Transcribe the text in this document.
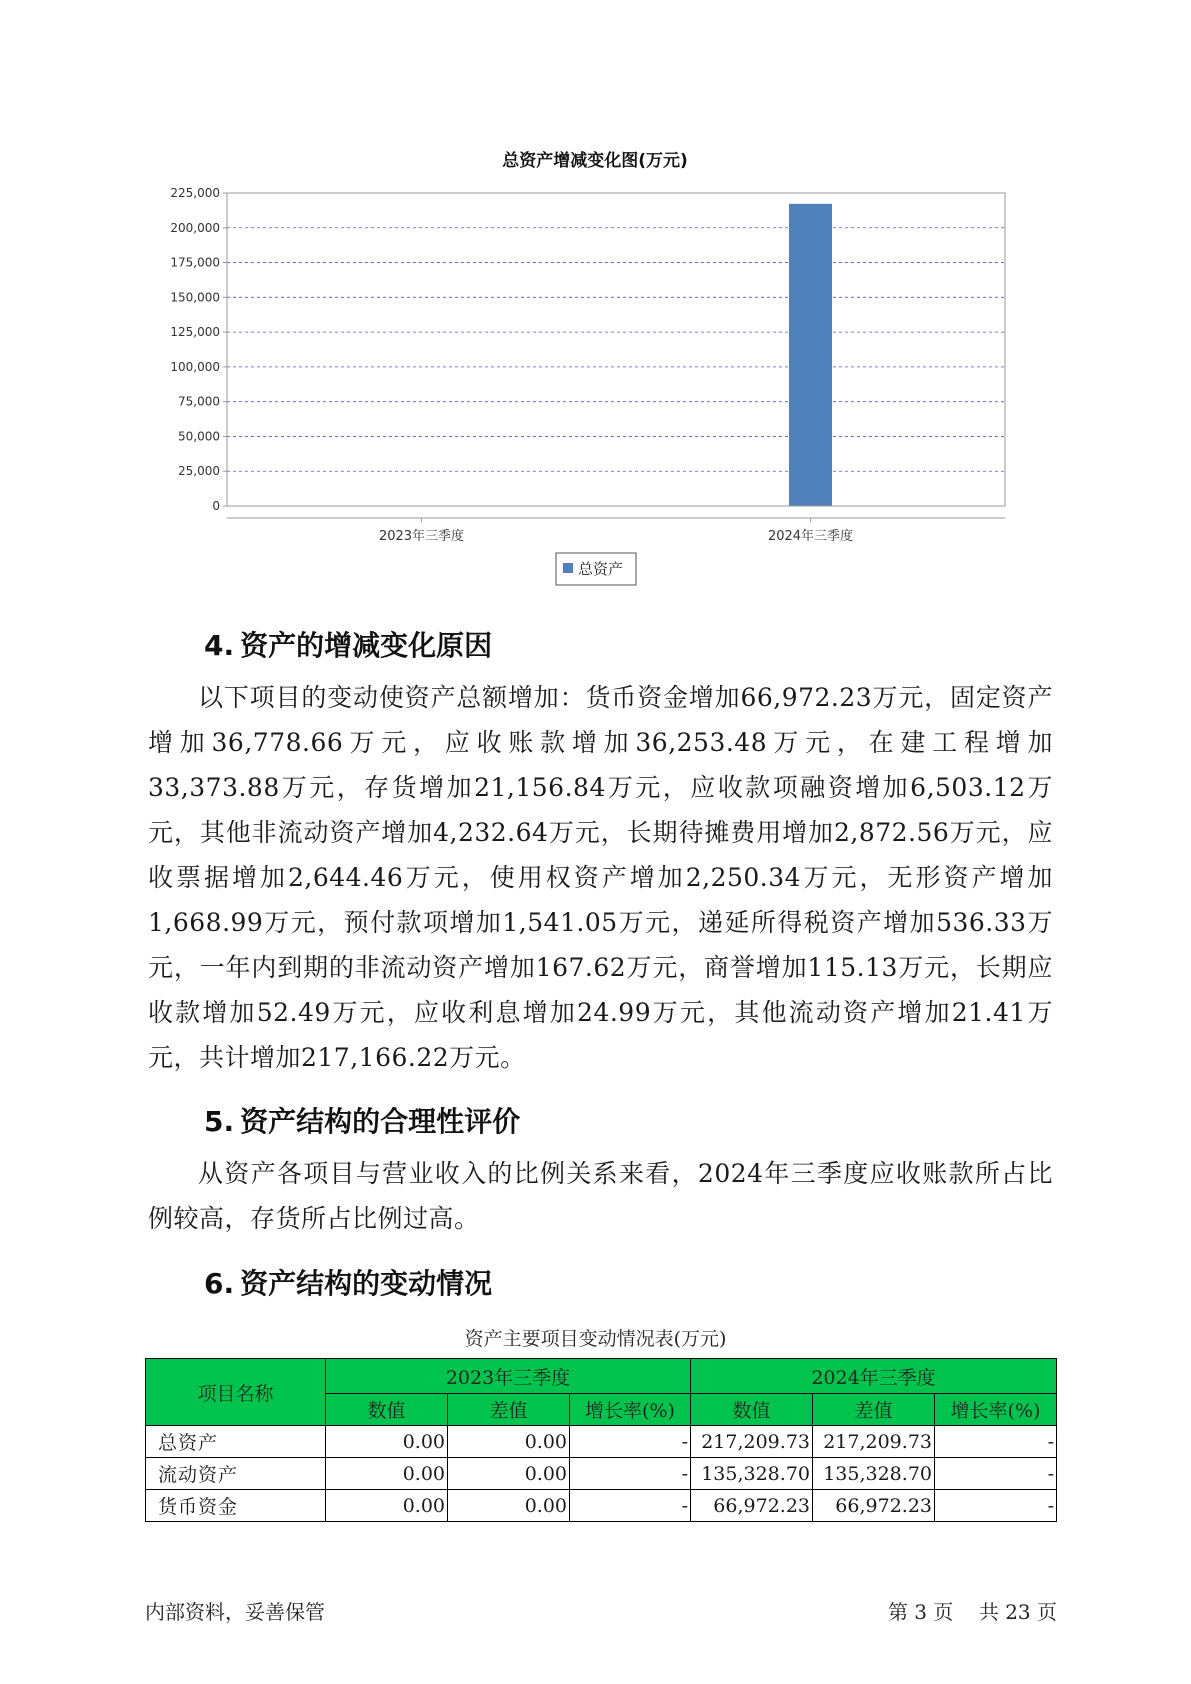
总资产增减变化图(万元)
0
25,000
50,000
75,000
100,000
125,000
150,000
175,000
200,000
225,000
2023年三季度	2024年三季度
总资产
4. 资产的增减变化原因

以下项目的变动使资产总额增加：货币资金增加66,972.23万元，固定资产增加36,778.66万元，应收账款增加36,253.48万元，在建工程增加33,373.88万元，存货增加21,156.84万元，应收款项融资增加6,503.12万元，其他非流动资产增加4,232.64万元，长期待摊费用增加2,872.56万元，应收票据增加2,644.46万元，使用权资产增加2,250.34万元，无形资产增加1,668.99万元，预付款项增加1,541.05万元，递延所得税资产增加536.33万元，一年内到期的非流动资产增加167.62万元，商誉增加115.13万元，长期应收款增加52.49万元，应收利息增加24.99万元，其他流动资产增加21.41万元，共计增加217,166.22万元。

5. 资产结构的合理性评价

从资产各项目与营业收入的比例关系来看，2024年三季度应收账款所占比例较高，存货所占比例过高。

6. 资产结构的变动情况
资产主要项目变动情况表(万元)
项目名称	2023年三季度			2024年三季度		
	数值	差值	增长率(%)	数值	差值	增长率(%)
总资产	0.00	0.00	-	217,209.73	217,209.73	-
流动资产	0.00	0.00	-	135,328.70	135,328.70	-
货币资金	0.00	0.00	-	66,972.23	66,972.23	-
内部资料，妥善保管	第 3 页 共 23 页
